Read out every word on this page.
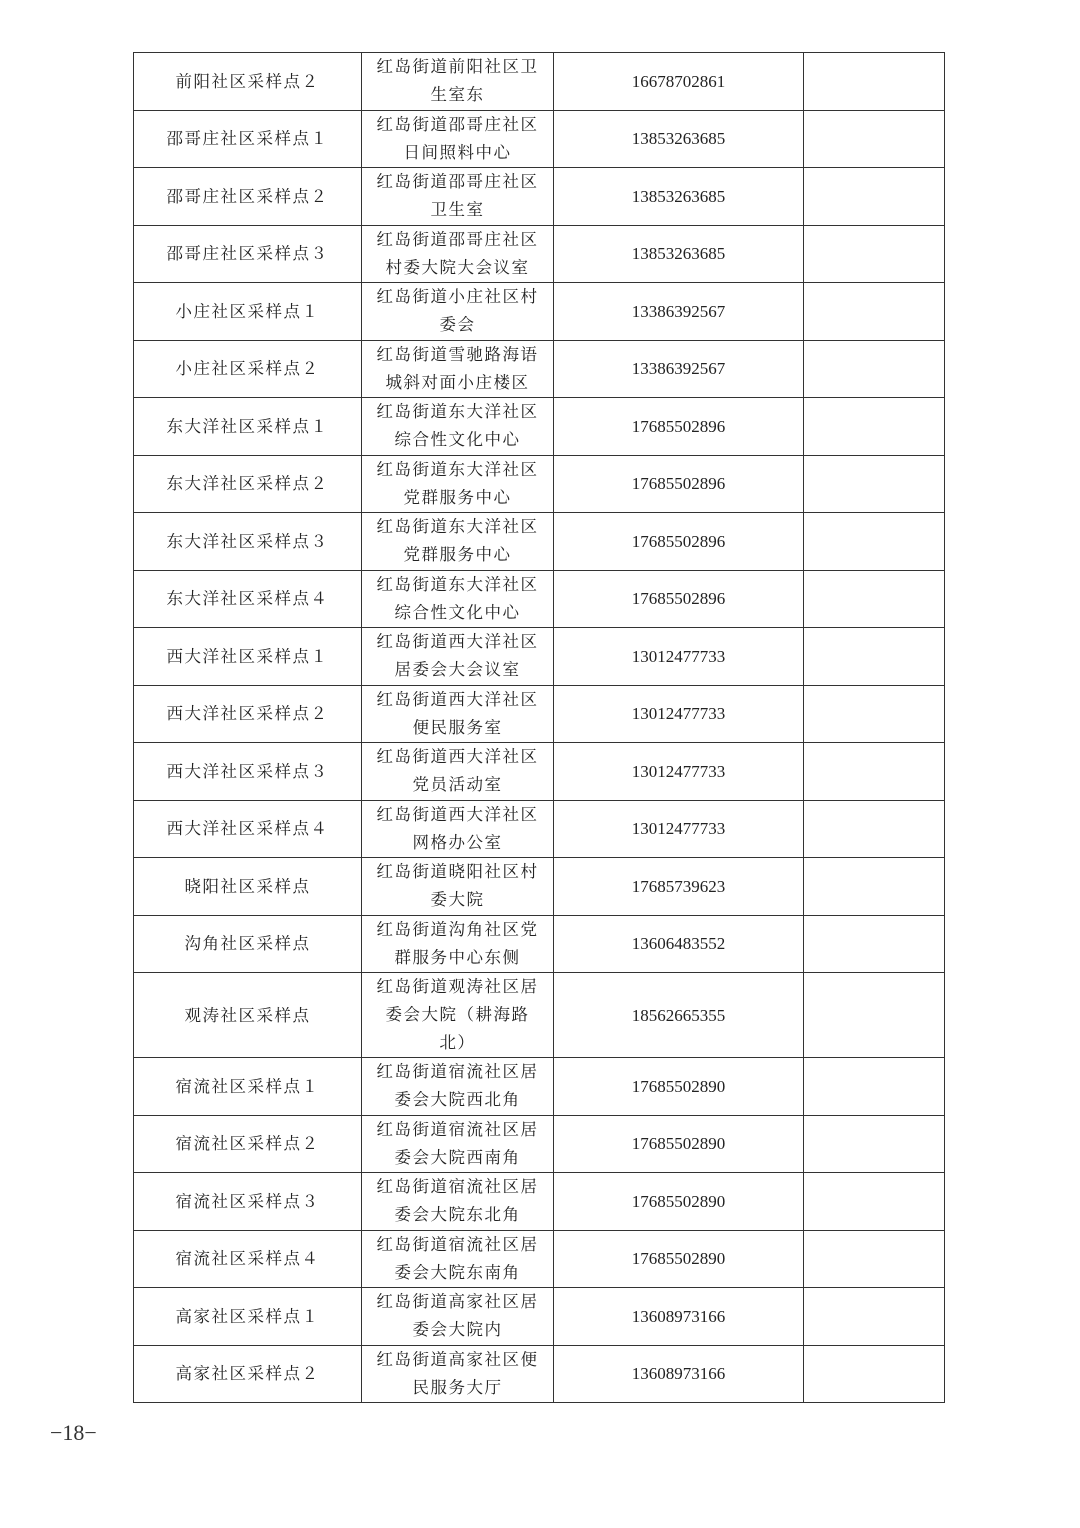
前阳社区采样点２	红岛街道前阳社区卫生室东	16678702861	
邵哥庄社区采样点１	红岛街道邵哥庄社区日间照料中心	13853263685	
邵哥庄社区采样点２	红岛街道邵哥庄社区卫生室	13853263685	
邵哥庄社区采样点３	红岛街道邵哥庄社区村委大院大会议室	13853263685	
小庄社区采样点１	红岛街道小庄社区村委会	13386392567	
小庄社区采样点２	红岛街道雪驰路海语城斜对面小庄楼区	13386392567	
东大洋社区采样点１	红岛街道东大洋社区综合性文化中心	17685502896	
东大洋社区采样点２	红岛街道东大洋社区党群服务中心	17685502896	
东大洋社区采样点３	红岛街道东大洋社区党群服务中心	17685502896	
东大洋社区采样点４	红岛街道东大洋社区综合性文化中心	17685502896	
西大洋社区采样点１	红岛街道西大洋社区居委会大会议室	13012477733	
西大洋社区采样点２	红岛街道西大洋社区便民服务室	13012477733	
西大洋社区采样点３	红岛街道西大洋社区党员活动室	13012477733	
西大洋社区采样点４	红岛街道西大洋社区网格办公室	13012477733	
晓阳社区采样点	红岛街道晓阳社区村委大院	17685739623	
沟角社区采样点	红岛街道沟角社区党群服务中心东侧	13606483552	
观涛社区采样点	红岛街道观涛社区居委会大院（耕海路北）	18562665355	
宿流社区采样点１	红岛街道宿流社区居委会大院西北角	17685502890	
宿流社区采样点２	红岛街道宿流社区居委会大院西南角	17685502890	
宿流社区采样点３	红岛街道宿流社区居委会大院东北角	17685502890	
宿流社区采样点４	红岛街道宿流社区居委会大院东南角	17685502890	
高家社区采样点１	红岛街道高家社区居委会大院内	13608973166	
高家社区采样点２	红岛街道高家社区便民服务大厅	13608973166	
−18−
